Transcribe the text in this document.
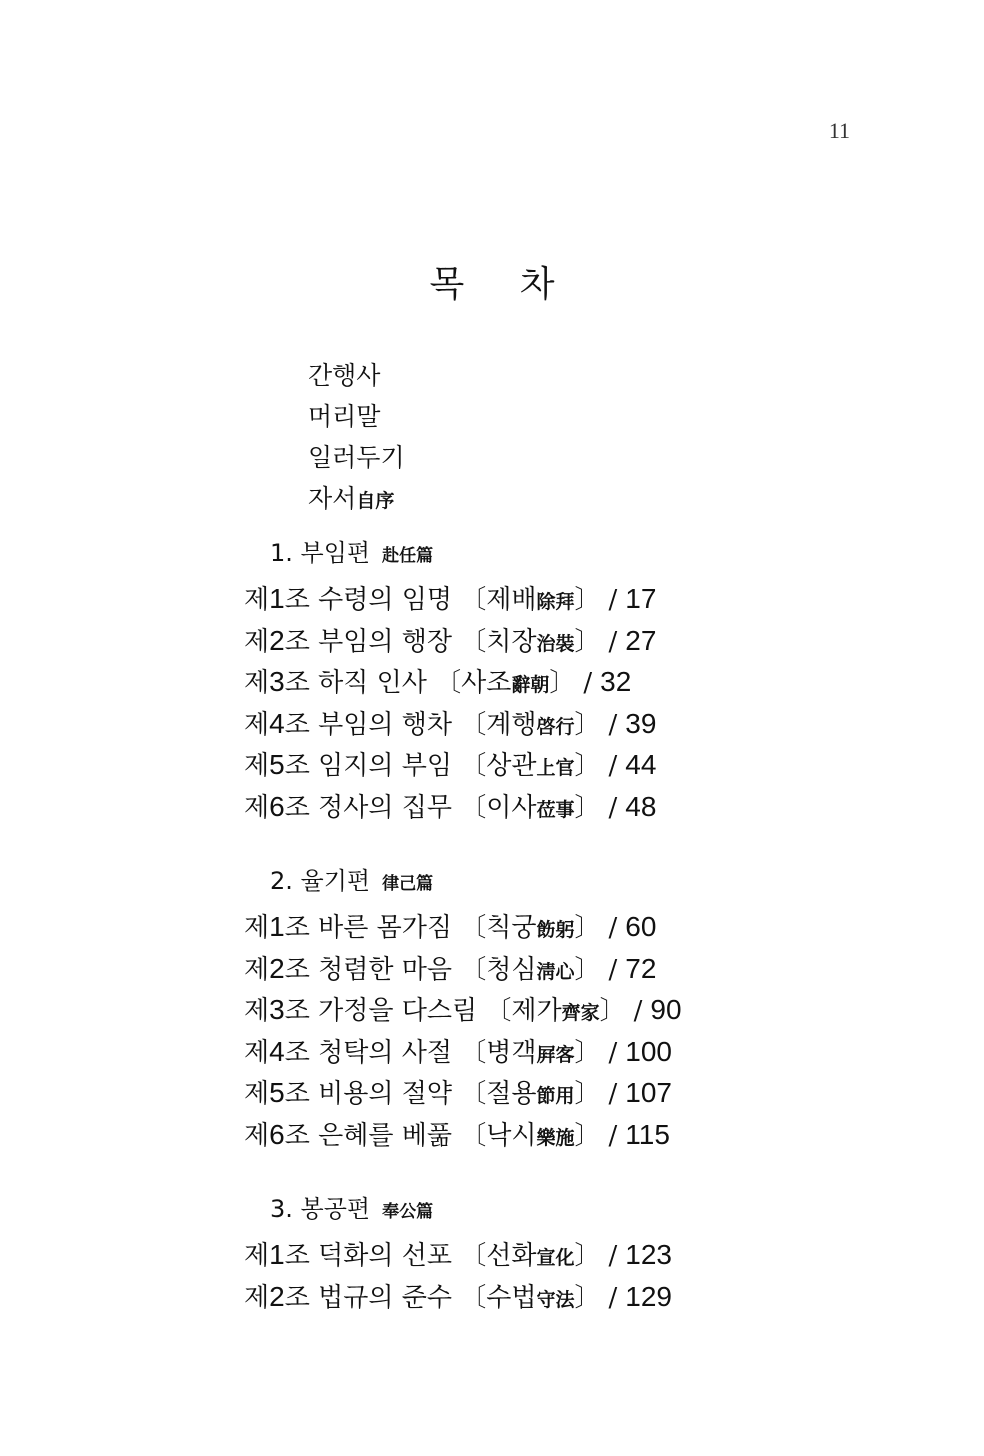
11
목 차
간행사
머리말
일러두기
자서自序
1. 부임편 赴任篇
제1조 수령의 임명 〔제배除拜〕 / 17
제2조 부임의 행장 〔치장治裝〕 / 27
제3조 하직 인사 〔사조辭朝〕 / 32
제4조 부임의 행차 〔계행啓行〕 / 39
제5조 임지의 부임 〔상관上官〕 / 44
제6조 정사의 집무 〔이사莅事〕 / 48
2. 율기편 律己篇
제1조 바른 몸가짐 〔칙궁飭躬〕 / 60
제2조 청렴한 마음 〔청심淸心〕 / 72
제3조 가정을 다스림 〔제가齊家〕 / 90
제4조 청탁의 사절 〔병객屛客〕 / 100
제5조 비용의 절약 〔절용節用〕 / 107
제6조 은혜를 베풂 〔낙시樂施〕 / 115
3. 봉공편 奉公篇
제1조 덕화의 선포 〔선화宣化〕 / 123
제2조 법규의 준수 〔수법守法〕 / 129
